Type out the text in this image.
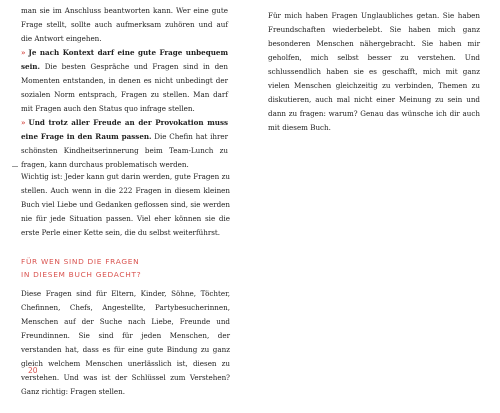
man sie im Anschluss beantworten kann. Wer eine gute Frage stellt, sollte auch aufmerksam zuhören und auf die Antwort eingehen.

» Je nach Kontext darf eine gute Frage unbequem sein. Die besten Gespräche und Fragen sind in den Momenten entstanden, in denen es nicht unbedingt der sozialen Norm entsprach, Fragen zu stellen. Man darf mit Fragen auch den Status quo infrage stellen.

» Und trotz aller Freude an der Provokation muss eine Frage in den Raum passen. Die Chefin hat ihrer schönsten Kindheitserinnerung beim Team-Lunch zu fragen, kann durchaus problematisch werden.

Wichtig ist: Jeder kann gut darin werden, gute Fragen zu stellen. Auch wenn in die 222 Fragen in diesem kleinen Buch viel Liebe und Gedanken geflossen sind, sie werden nie für jede Situation passen. Viel eher können sie die erste Perle einer Kette sein, die du selbst weiterführst.

FÜR WEN SIND DIE FRAGEN
IN DIESEM BUCH GEDACHT?

Diese Fragen sind für Eltern, Kinder, Söhne, Töchter, Chefinnen, Chefs, Angestellte, Partybesucherinnen, Menschen auf der Suche nach Liebe, Freunde und Freundinnen. Sie sind für jeden Menschen, der verstanden hat, dass es für eine gute Bindung zu ganz gleich welchem Menschen unerlässlich ist, diesen zu verstehen. Und was ist der Schlüssel zum Verstehen? Ganz richtig: Fragen stellen.

20

Für mich haben Fragen Unglaubliches getan. Sie haben Freundschaften wiederbelebt. Sie haben mich ganz besonderen Menschen nähergebracht. Sie haben mir geholfen, mich selbst besser zu verstehen. Und schlussendlich haben sie es geschafft, mich mit ganz vielen Menschen gleichzeitig zu verbinden, Themen zu diskutieren, auch mal nicht einer Meinung zu sein und dann zu fragen: warum? Genau das wünsche ich dir auch mit diesem Buch.
